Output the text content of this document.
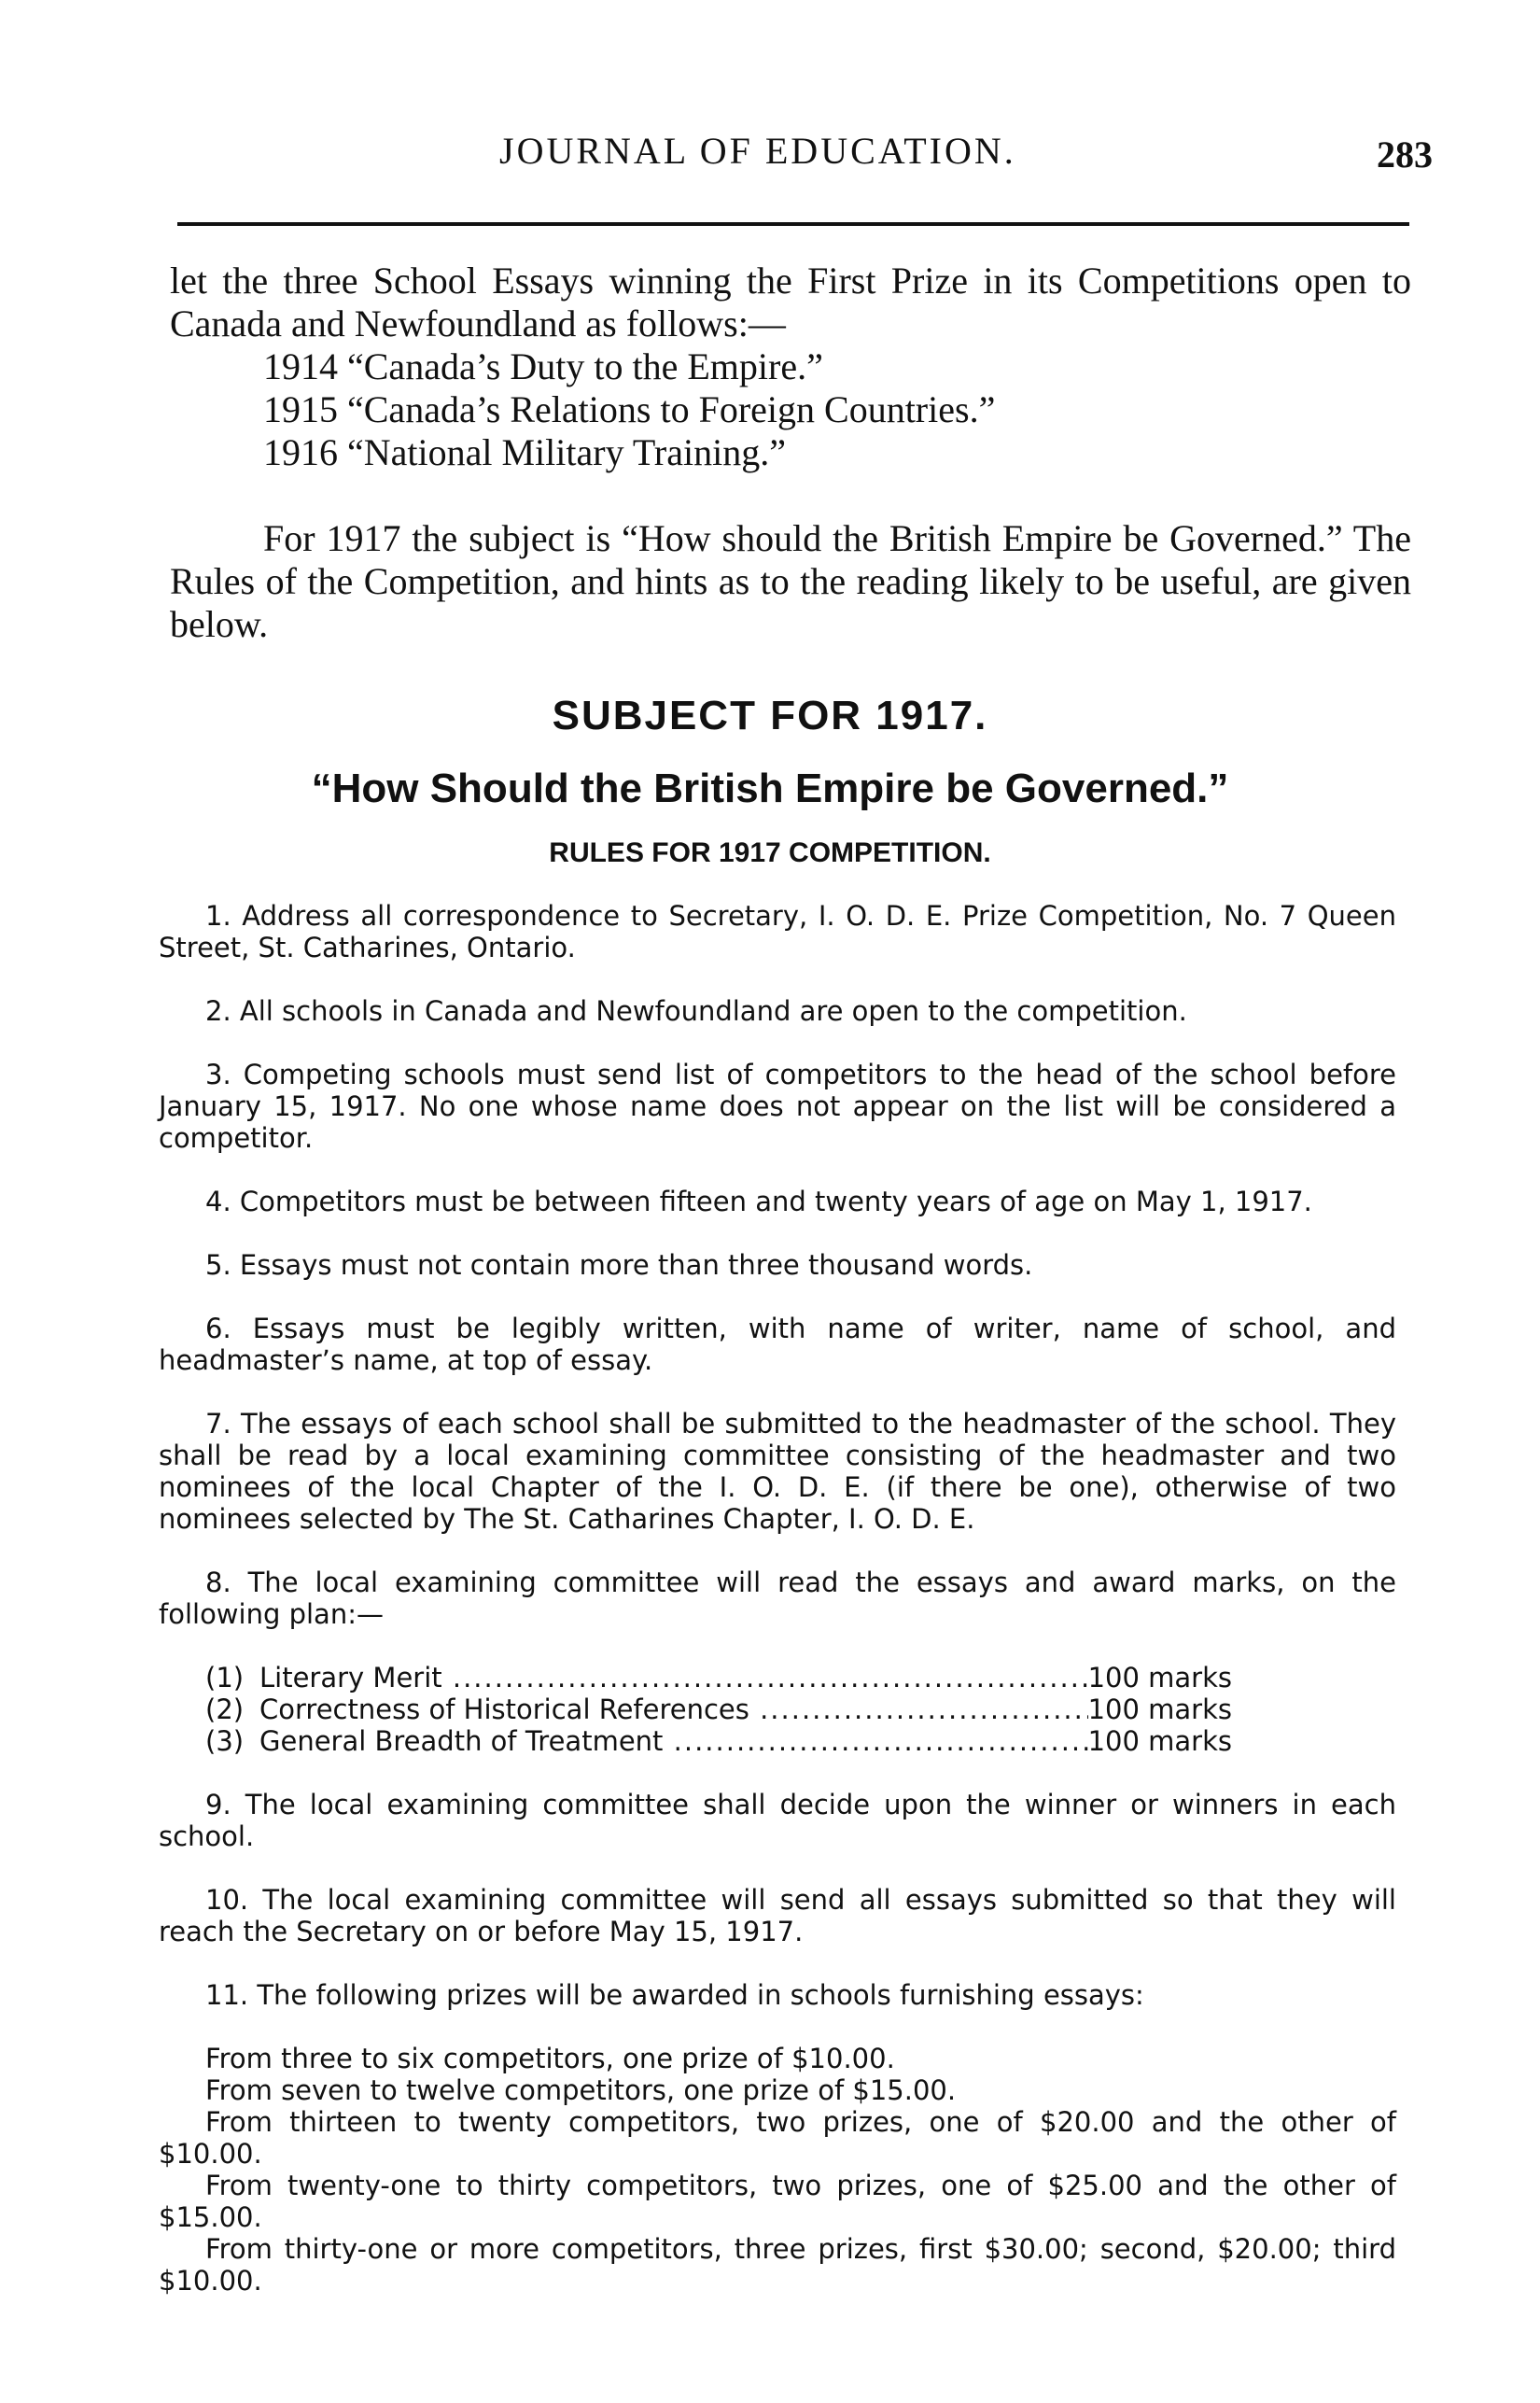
JOURNAL OF EDUCATION.	283

let the three School Essays winning the First Prize in its Competitions open to Canada and Newfoundland as follows:—

1914 “Canada’s Duty to the Empire.”

1915 “Canada’s Relations to Foreign Countries.”

1916 “National Military Training.”

For 1917 the subject is “How should the British Empire be Governed.” The Rules of the Competition, and hints as to the reading likely to be useful, are given below.

SUBJECT FOR 1917.
“How Should the British Empire be Governed.”
RULES FOR 1917 COMPETITION.

1. Address all correspondence to Secretary, I. O. D. E. Prize Competition, No. 7 Queen Street, St. Catharines, Ontario.

2. All schools in Canada and Newfoundland are open to the competition.

3. Competing schools must send list of competitors to the head of the school before January 15, 1917. No one whose name does not appear on the list will be considered a competitor.

4. Competitors must be between fifteen and twenty years of age on May 1, 1917.

5. Essays must not contain more than three thousand words.

6. Essays must be legibly written, with name of writer, name of school, and headmaster’s name, at top of essay.

7. The essays of each school shall be submitted to the headmaster of the school. They shall be read by a local examining committee consisting of the headmaster and two nominees of the local Chapter of the I. O. D. E. (if there be one), otherwise of two nominees selected by The St. Catharines Chapter, I. O. D. E.

8. The local examining committee will read the essays and award marks, on the following plan:—

(1) Literary Merit .....	100 marks
(2) Correctness of Historical References .....	100 marks
(3) General Breadth of Treatment .....	100 marks

9. The local examining committee shall decide upon the winner or winners in each school.

10. The local examining committee will send all essays submitted so that they will reach the Secretary on or before May 15, 1917.

11. The following prizes will be awarded in schools furnishing essays:

From three to six competitors, one prize of $10.00.

From seven to twelve competitors, one prize of $15.00.

From thirteen to twenty competitors, two prizes, one of $20.00 and the other of $10.00.

From twenty-one to thirty competitors, two prizes, one of $25.00 and the other of $15.00.

From thirty-one or more competitors, three prizes, first $30.00; second, $20.00; third $10.00.
